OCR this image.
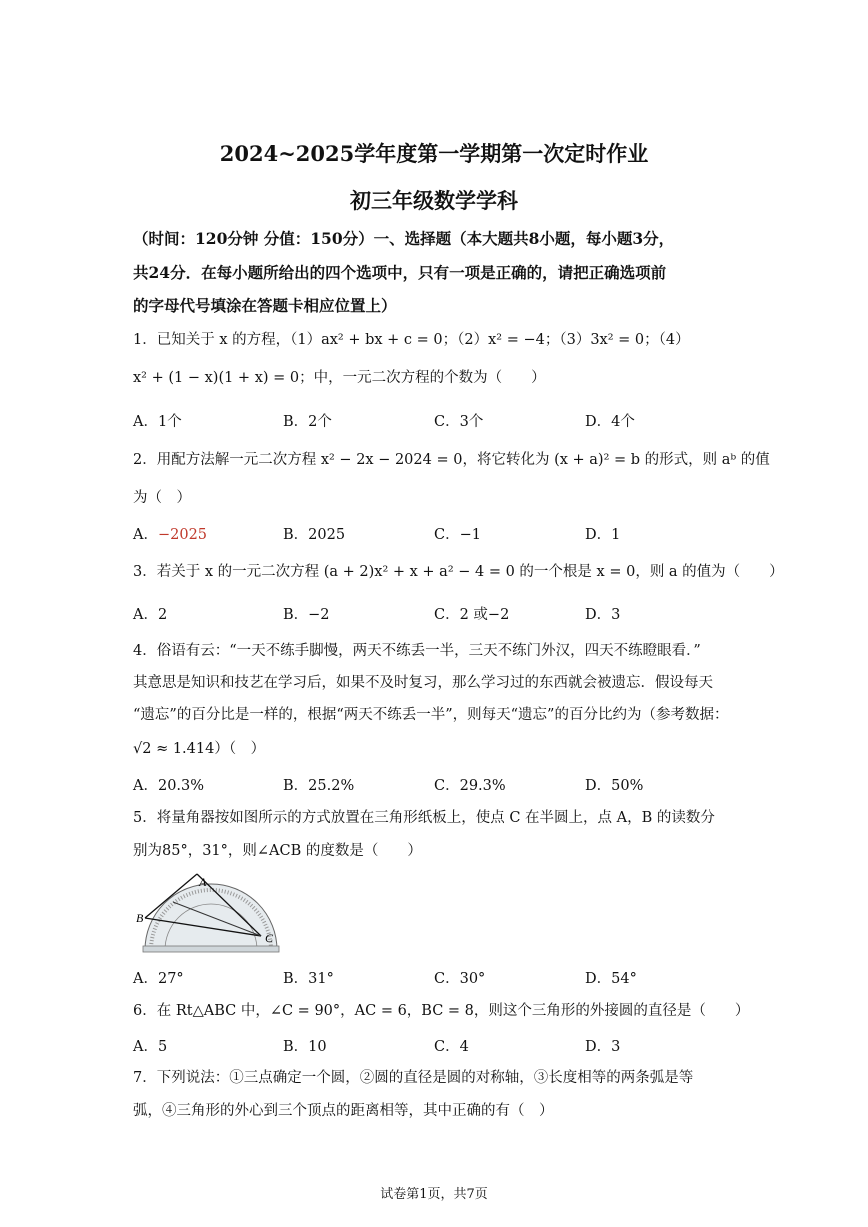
2024~2025学年度第一学期第一次定时作业
初三年级数学学科
（时间：120分钟 分值：150分）一、选择题（本大题共8小题，每小题3分，
共24分．在每小题所给出的四个选项中，只有一项是正确的，请把正确选项前
的字母代号填涂在答题卡相应位置上）
1．已知关于 x 的方程，（1）ax² + bx + c = 0；（2）x² = −4；（3）3x² = 0；（4）
x² + (1 − x)(1 + x) = 0；中，一元二次方程的个数为（　　）
A．1个	B．2个	C．3个	D．4个
2．用配方法解一元二次方程 x² − 2x − 2024 = 0，将它转化为 (x + a)² = b 的形式，则 aᵇ 的值
为（　）
A．−2025	B．2025	C．−1	D．1
3．若关于 x 的一元二次方程 (a + 2)x² + x + a² − 4 = 0 的一个根是 x = 0，则 a 的值为（　　）
A．2	B．−2	C．2 或−2	D．3
4．俗语有云：“一天不练手脚慢，两天不练丢一半，三天不练门外汉，四天不练瞪眼看．”
其意思是知识和技艺在学习后，如果不及时复习，那么学习过的东西就会被遗忘．假设每天
“遗忘”的百分比是一样的，根据“两天不练丢一半”，则每天“遗忘”的百分比约为（参考数据：
√2 ≈ 1.414）（　）
A．20.3%	B．25.2%	C．29.3%	D．50%
5．将量角器按如图所示的方式放置在三角形纸板上，使点 C 在半圆上，点 A，B 的读数分
别为85°，31°，则∠ACB 的度数是（　　）
A
B
C
A．27°	B．31°	C．30°	D．54°
6．在 Rt△ABC 中，∠C = 90°，AC = 6，BC = 8，则这个三角形的外接圆的直径是（　　）
A．5	B．10	C．4	D．3
7．下列说法：①三点确定一个圆，②圆的直径是圆的对称轴，③长度相等的两条弧是等
弧，④三角形的外心到三个顶点的距离相等，其中正确的有（　）
试卷第1页，共7页
